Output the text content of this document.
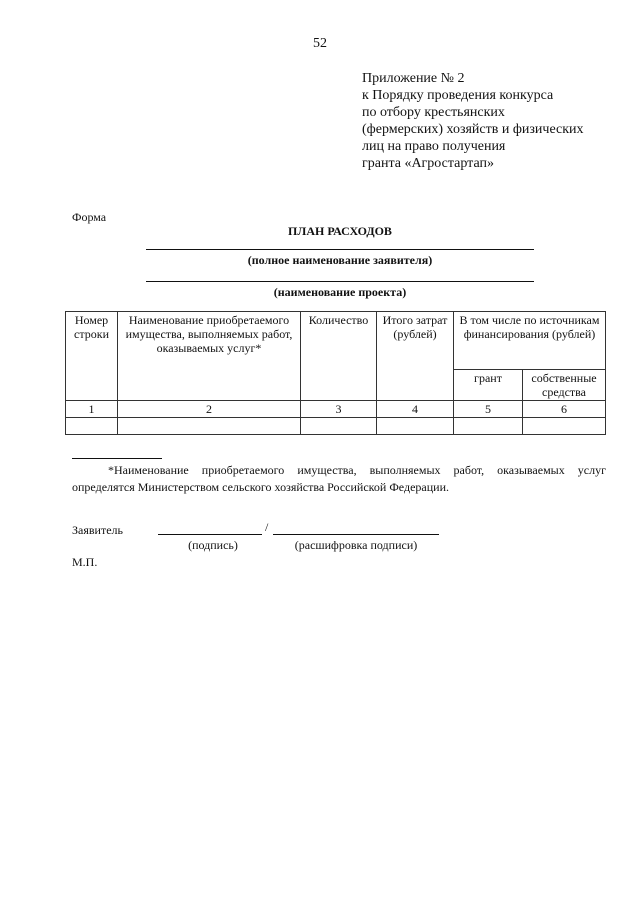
52
Приложение № 2
к Порядку проведения конкурса
по отбору крестьянских
(фермерских) хозяйств и физических
лиц на право получения
гранта «Агростартап»
Форма
ПЛАН РАСХОДОВ
(полное наименование заявителя)
(наименование проекта)
Номер строки	Наименование приобретаемого имущества, выполняемых работ, оказываемых услуг*	Количество	Итого затрат (рублей)	В том числе по источникам финансирования (рублей)	
				грант	собственные средства
1	2	3	4	5	6

*Наименование приобретаемого имущества, выполняемых работ, оказываемых услуг определятся Министерством сельского хозяйства Российской Федерации.
Заявитель	/
(подпись)	(расшифровка подписи)
М.П.
